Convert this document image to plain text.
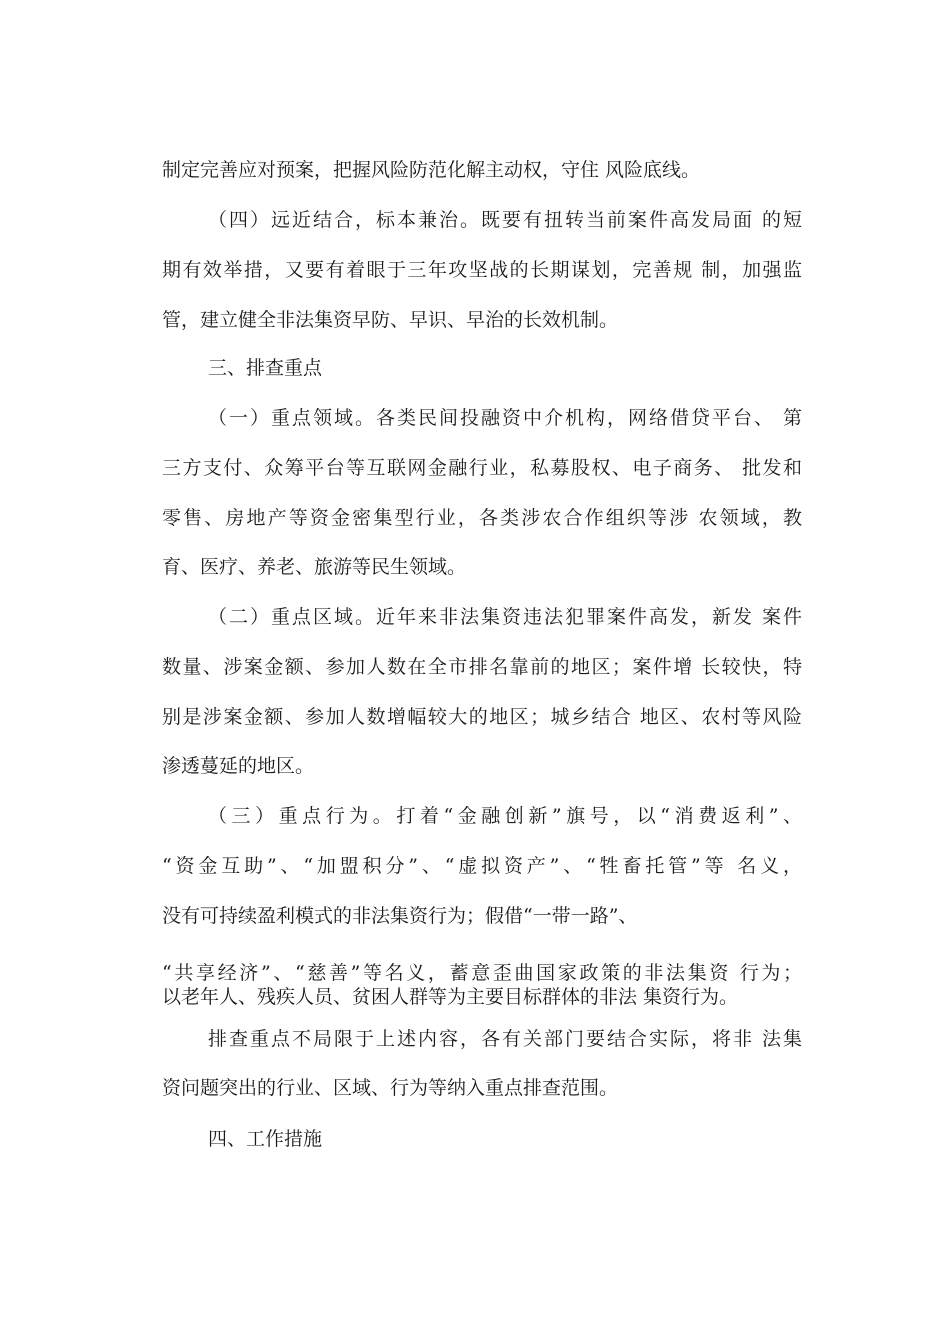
制定完善应对预案，把握风险防范化解主动权，守住 风险底线。
（四）远近结合，标本兼治。既要有扭转当前案件高发局面 的短
期有效举措，又要有着眼于三年攻坚战的长期谋划，完善规 制，加强监
管，建立健全非法集资早防、早识、早治的长效机制。
三、排查重点
（一）重点领域。各类民间投融资中介机构，网络借贷平台、 第
三方支付、众筹平台等互联网金融行业，私募股权、电子商务、 批发和
零售、房地产等资金密集型行业，各类涉农合作组织等涉 农领域，教
育、医疗、养老、旅游等民生领域。
（二）重点区域。近年来非法集资违法犯罪案件高发，新发 案件
数量、涉案金额、参加人数在全市排名靠前的地区；案件增 长较快，特
别是涉案金额、参加人数增幅较大的地区；城乡结合 地区、农村等风险
渗透蔓延的地区。
（三）重点行为。打着“金融创新”旗号，以“消费返利”、
“资金互助”、“加盟积分”、“虚拟资产”、“牲畜托管”等 名义，
没有可持续盈利模式的非法集资行为；假借“一带一路”、
“共享经济”、“慈善”等名义，蓄意歪曲国家政策的非法集资 行为；
以老年人、残疾人员、贫困人群等为主要目标群体的非法 集资行为。
排查重点不局限于上述内容，各有关部门要结合实际，将非 法集
资问题突出的行业、区域、行为等纳入重点排查范围。
四、工作措施
